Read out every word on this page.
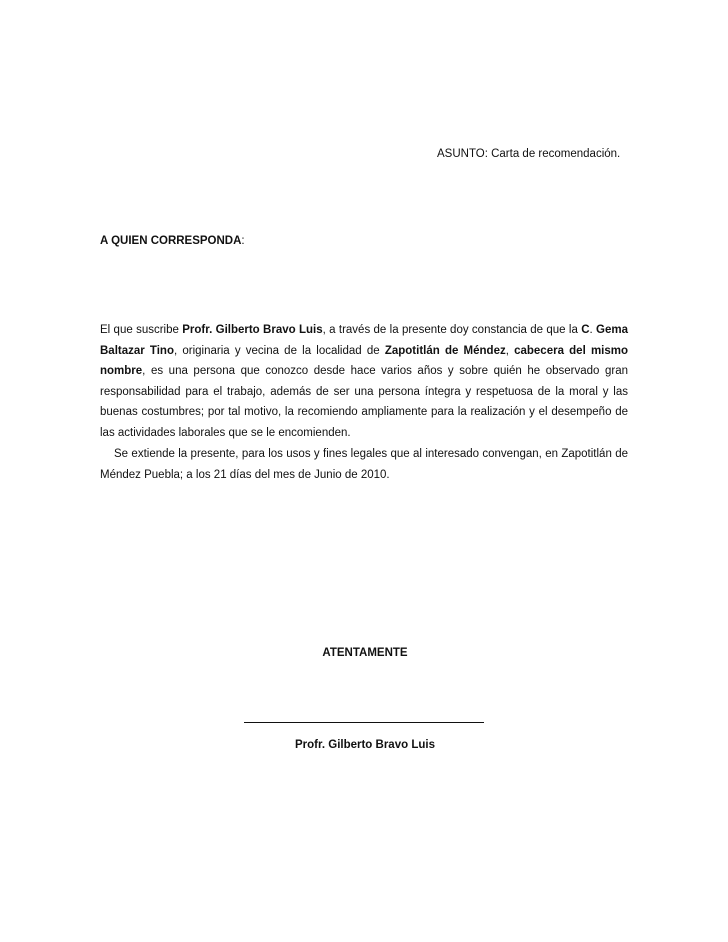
ASUNTO: Carta de recomendación.
A QUIEN CORRESPONDA:

El que suscribe Profr. Gilberto Bravo Luis, a través de la presente doy constancia de que la C. Gema Baltazar Tino, originaria y vecina de la localidad de Zapotitlán de Méndez, cabecera del mismo nombre, es una persona que conozco desde hace varios años y sobre quién he observado gran responsabilidad para el trabajo, además de ser una persona íntegra y respetuosa de la moral y las buenas costumbres; por tal motivo, la recomiendo ampliamente para la realización y el desempeño de las actividades laborales que se le encomienden.

Se extiende la presente, para los usos y fines legales que al interesado convengan, en Zapotitlán de Méndez Puebla; a los 21 días del mes de Junio de 2010.

ATENTAMENTE
Profr. Gilberto Bravo Luis
